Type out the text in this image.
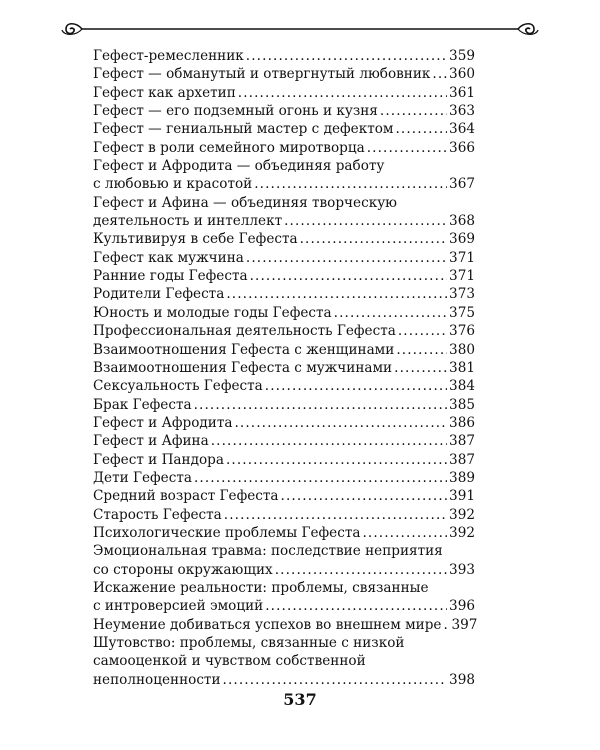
Гефест-ремесленник . . .	359
Гефест — обманутый и отвергнутый любовник . . . 360
Гефест как архетип . . .	361
Гефест — его подземный огонь и кузня . . .	363
Гефест — гениальный мастер с дефектом . . .	364
Гефест в роли семейного миротворца . . .	366
Гефест и Афродита — объединяя работу
с любовью и красотой . . .	367
Гефест и Афина — объединяя творческую
деятельность и интеллект . . .	368
Культивируя в себе Гефеста . . .	369
Гефест как мужчина . . .	371
Ранние годы Гефеста . . .	371
Родители Гефеста . . .	373
Юность и молодые годы Гефеста . . .	375
Профессиональная деятельность Гефеста . . .	376
Взаимоотношения Гефеста с женщинами . . .	380
Взаимоотношения Гефеста с мужчинами . . .	381
Сексуальность Гефеста . . .	384
Брак Гефеста . . .	385
Гефест и Афродита . . .	386
Гефест и Афина . . .	387
Гефест и Пандора . . .	387
Дети Гефеста . . .	389
Средний возраст Гефеста . . .	391
Старость Гефеста . . .	392
Психологические проблемы Гефеста . . .	392
Эмоциональная травма: последствие неприятия
со стороны окружающих . . .	393
Искажение реальности: проблемы, связанные
с интроверсией эмоций . . .	396
Неумение добиваться успехов во внешнем мире . . . 397
Шутовство: проблемы, связанные с низкой
самооценкой и чувством собственной
неполноценности . . .	398
537
